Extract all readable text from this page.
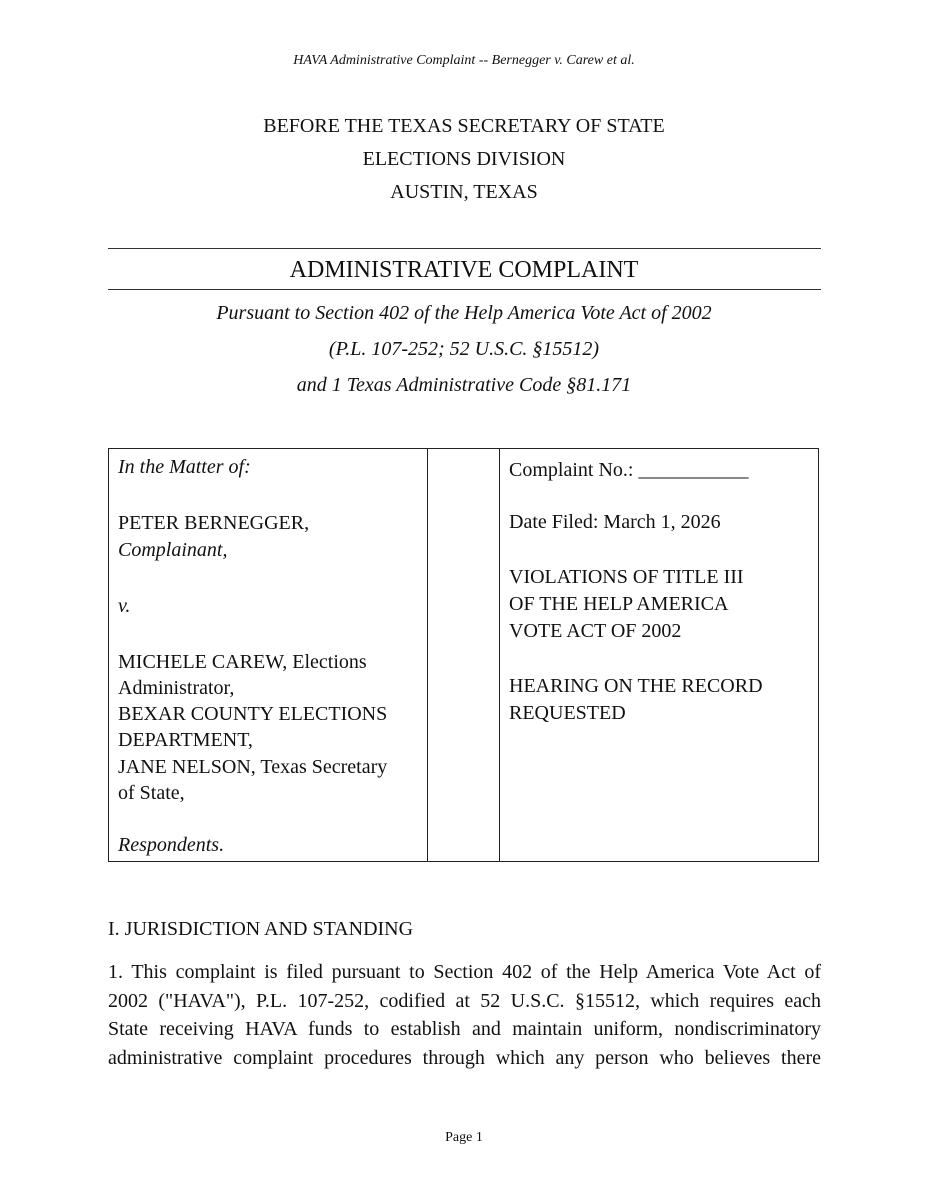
HAVA Administrative Complaint -- Bernegger v. Carew et al.
BEFORE THE TEXAS SECRETARY OF STATE
ELECTIONS DIVISION
AUSTIN, TEXAS
ADMINISTRATIVE COMPLAINT
Pursuant to Section 402 of the Help America Vote Act of 2002
(P.L. 107-252; 52 U.S.C. §15512)
and 1 Texas Administrative Code §81.171
In the Matter of:
PETER BERNEGGER,
Complainant,
v.
MICHELE CAREW, Elections
Administrator,
BEXAR COUNTY ELECTIONS
DEPARTMENT,
JANE NELSON, Texas Secretary
of State,
Respondents.
Complaint No.: ___________
Date Filed: March 1, 2026
VIOLATIONS OF TITLE III
OF THE HELP AMERICA
VOTE ACT OF 2002
HEARING ON THE RECORD
REQUESTED
I. JURISDICTION AND STANDING
1. This complaint is filed pursuant to Section 402 of the Help America Vote Act of
2002 ("HAVA"), P.L. 107-252, codified at 52 U.S.C. §15512, which requires each
State receiving HAVA funds to establish and maintain uniform, nondiscriminatory
administrative complaint procedures through which any person who believes there
Page 1
